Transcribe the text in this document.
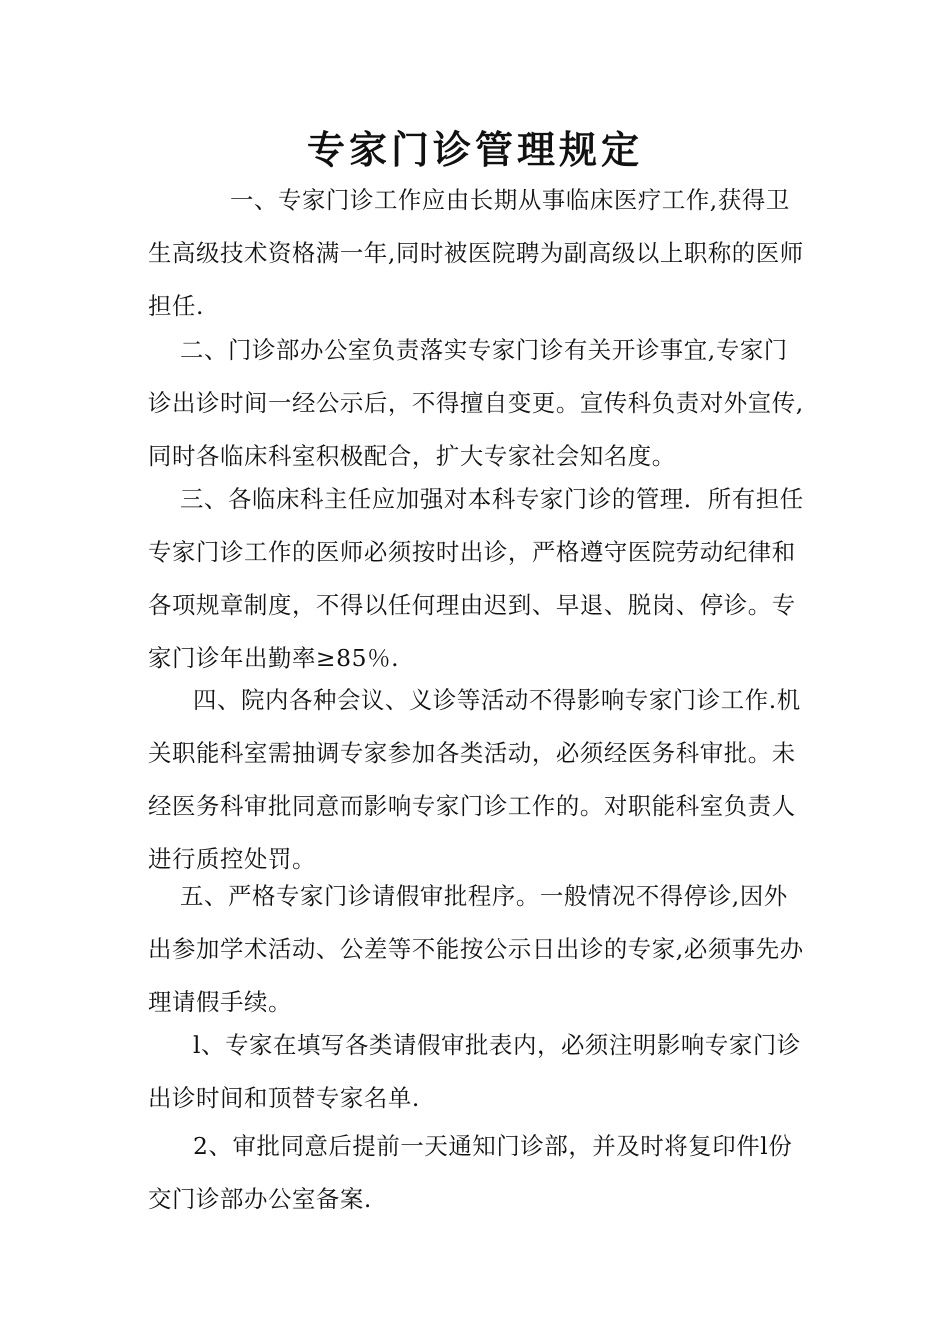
专家门诊管理规定

一、专家门诊工作应由长期从事临床医疗工作,获得卫生高级技术资格满一年,同时被医院聘为副高级以上职称的医师担任.

二、门诊部办公室负责落实专家门诊有关开诊事宜,专家门诊出诊时间一经公示后，不得擅自变更。宣传科负责对外宣传,同时各临床科室积极配合，扩大专家社会知名度。

三、各临床科主任应加强对本科专家门诊的管理．所有担任专家门诊工作的医师必须按时出诊，严格遵守医院劳动纪律和各项规章制度，不得以任何理由迟到、早退、脱岗、停诊。专家门诊年出勤率≥85％.

四、院内各种会议、义诊等活动不得影响专家门诊工作.机关职能科室需抽调专家参加各类活动，必须经医务科审批。未经医务科审批同意而影响专家门诊工作的。对职能科室负责人进行质控处罚。

五、严格专家门诊请假审批程序。一般情况不得停诊,因外出参加学术活动、公差等不能按公示日出诊的专家,必须事先办理请假手续。

l、专家在填写各类请假审批表内，必须注明影响专家门诊出诊时间和顶替专家名单.

2、审批同意后提前一天通知门诊部，并及时将复印件l份交门诊部办公室备案.
